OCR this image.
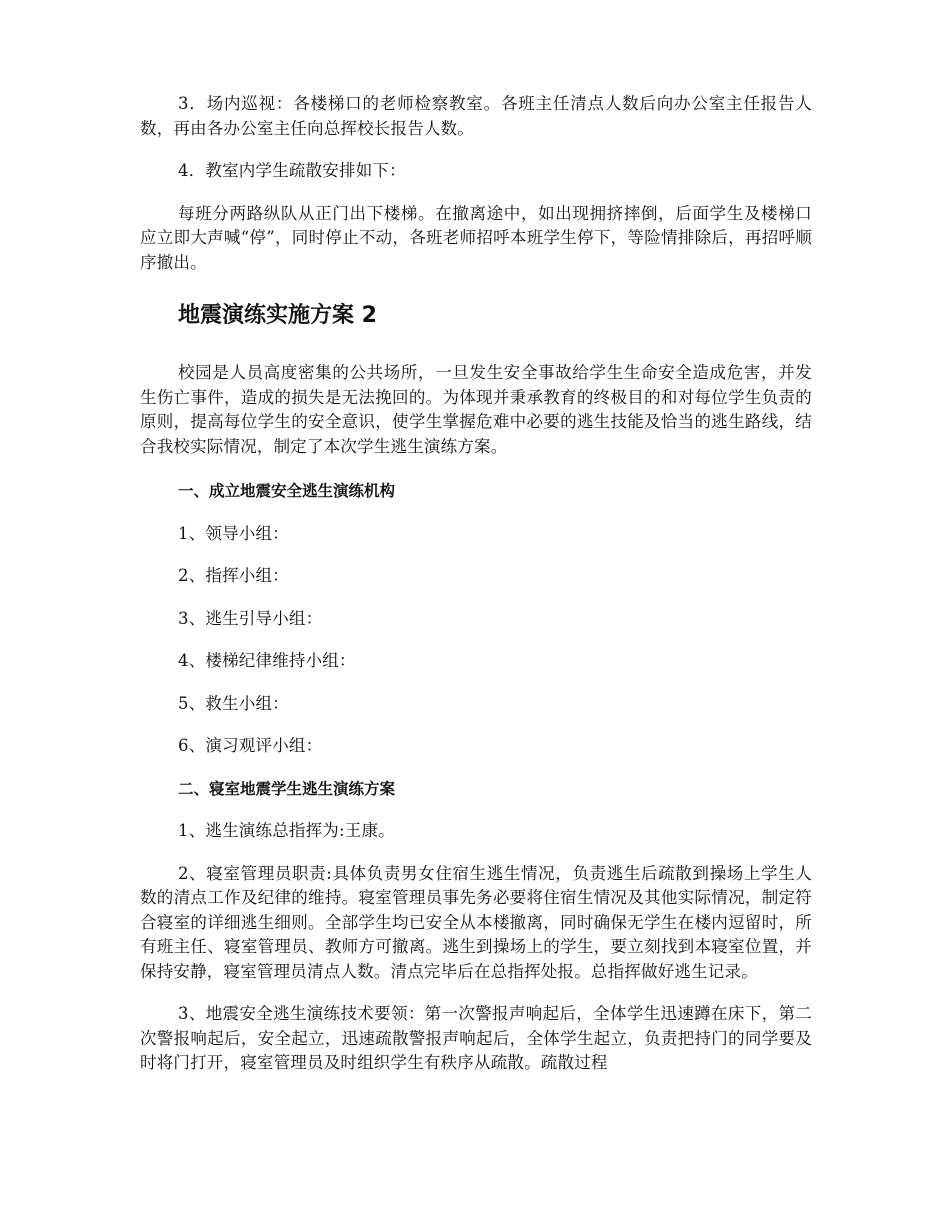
3．场内巡视：各楼梯口的老师检察教室。各班主任清点人数后向办公室主任报告人数，再由各办公室主任向总挥校长报告人数。

4．教室内学生疏散安排如下：

每班分两路纵队从正门出下楼梯。在撤离途中，如出现拥挤摔倒，后面学生及楼梯口应立即大声喊“停”，同时停止不动，各班老师招呼本班学生停下，等险情排除后，再招呼顺序撤出。

地震演练实施方案 2

校园是人员高度密集的公共场所，一旦发生安全事故给学生生命安全造成危害，并发生伤亡事件，造成的损失是无法挽回的。为体现并秉承教育的终极目的和对每位学生负责的原则，提高每位学生的安全意识，使学生掌握危难中必要的逃生技能及恰当的逃生路线，结合我校实际情况，制定了本次学生逃生演练方案。

一、成立地震安全逃生演练机构

1、领导小组：

2、指挥小组：

3、逃生引导小组：

4、楼梯纪律维持小组：

5、救生小组：

6、演习观评小组：

二、寝室地震学生逃生演练方案

1、逃生演练总指挥为:王康。

2、寝室管理员职责:具体负责男女住宿生逃生情况，负责逃生后疏散到操场上学生人数的清点工作及纪律的维持。寝室管理员事先务必要将住宿生情况及其他实际情况，制定符合寝室的详细逃生细则。全部学生均已安全从本楼撤离，同时确保无学生在楼内逗留时，所有班主任、寝室管理员、教师方可撤离。逃生到操场上的学生，要立刻找到本寝室位置，并保持安静，寝室管理员清点人数。清点完毕后在总指挥处报。总指挥做好逃生记录。

3、地震安全逃生演练技术要领：第一次警报声响起后，全体学生迅速蹲在床下，第二次警报响起后，安全起立，迅速疏散警报声响起后，全体学生起立，负责把持门的同学要及时将门打开，寝室管理员及时组织学生有秩序从疏散。疏散过程
